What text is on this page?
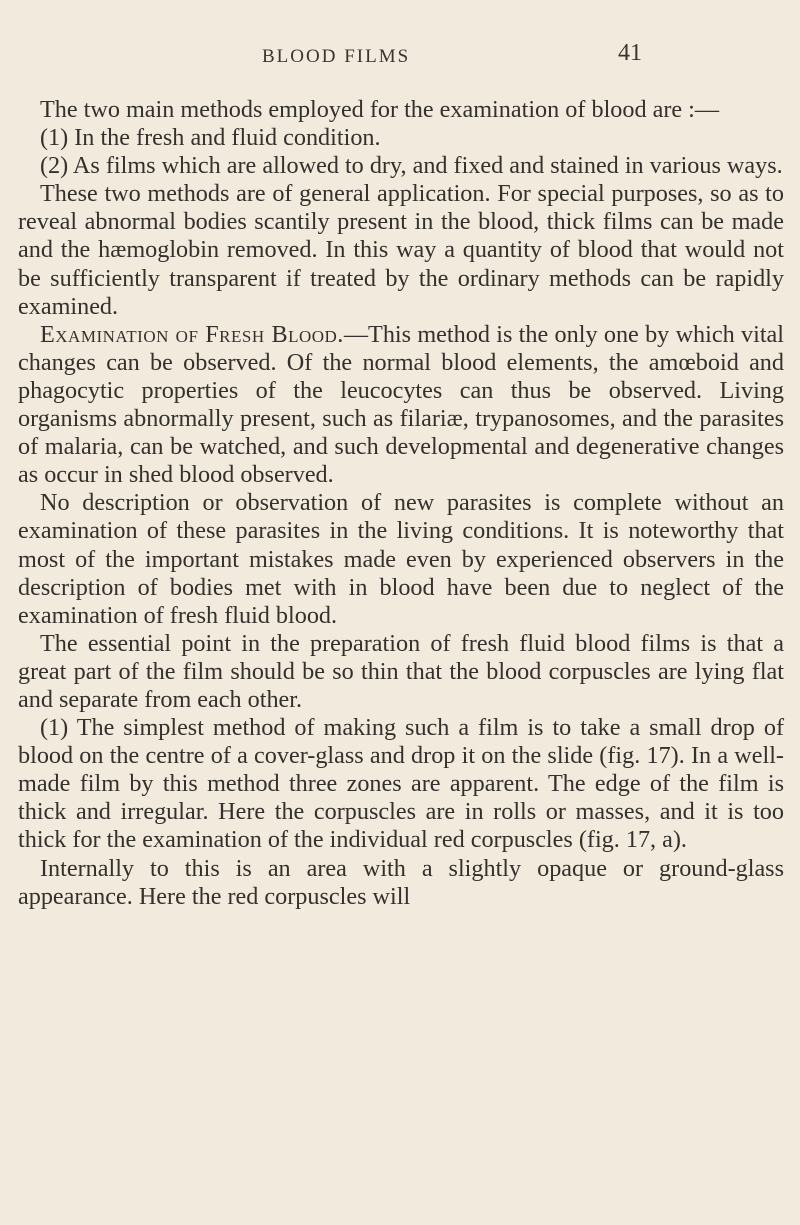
BLOOD FILMS	41

The two main methods employed for the examination of blood are :—

(1) In the fresh and fluid condition.

(2) As films which are allowed to dry, and fixed and stained in various ways.

These two methods are of general application. For special purposes, so as to reveal abnormal bodies scantily present in the blood, thick films can be made and the hæmoglobin removed. In this way a quantity of blood that would not be sufficiently transparent if treated by the ordinary methods can be rapidly examined.

Examination of Fresh Blood.—This method is the only one by which vital changes can be observed. Of the normal blood elements, the amœboid and phagocytic properties of the leucocytes can thus be observed. Living organisms abnormally present, such as filariæ, trypanosomes, and the parasites of malaria, can be watched, and such developmental and degenerative changes as occur in shed blood observed.

No description or observation of new parasites is complete without an examination of these parasites in the living conditions. It is noteworthy that most of the important mistakes made even by experienced observers in the description of bodies met with in blood have been due to neglect of the examination of fresh fluid blood.

The essential point in the preparation of fresh fluid blood films is that a great part of the film should be so thin that the blood corpuscles are lying flat and separate from each other.

(1) The simplest method of making such a film is to take a small drop of blood on the centre of a cover-glass and drop it on the slide (fig. 17). In a well-made film by this method three zones are apparent. The edge of the film is thick and irregular. Here the corpuscles are in rolls or masses, and it is too thick for the examination of the individual red corpuscles (fig. 17, a).

Internally to this is an area with a slightly opaque or ground-glass appearance. Here the red corpuscles will
